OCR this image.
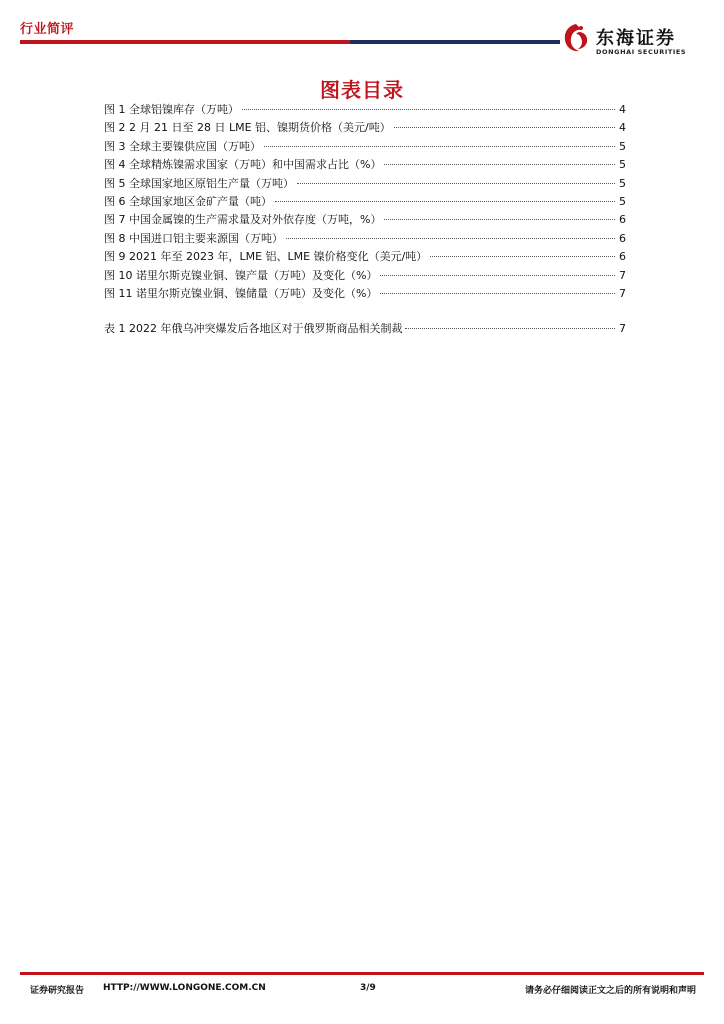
行业简评	东海证券
DONGHAI SECURITIES
图表目录
图 1 全球铝镍库存（万吨）	4
图 2 2 月 21 日至 28 日 LME 铝、镍期货价格（美元/吨）	4
图 3 全球主要镍供应国（万吨）	5
图 4 全球精炼镍需求国家（万吨）和中国需求占比（%）	5
图 5 全球国家地区原铝生产量（万吨）	5
图 6 全球国家地区金矿产量（吨）	5
图 7 中国金属镍的生产需求量及对外依存度（万吨，%）	6
图 8 中国进口铝主要来源国（万吨）	6
图 9 2021 年至 2023 年，LME 铝、LME 镍价格变化（美元/吨）	6
图 10 诺里尔斯克镍业铜、镍产量（万吨）及变化（%）	7
图 11 诺里尔斯克镍业铜、镍储量（万吨）及变化（%）	7
表 1 2022 年俄乌冲突爆发后各地区对于俄罗斯商品相关制裁	7
证券研究报告 HTTP://WWW.LONGONE.COM.CN	3/9	请务必仔细阅读正文之后的所有说明和声明
